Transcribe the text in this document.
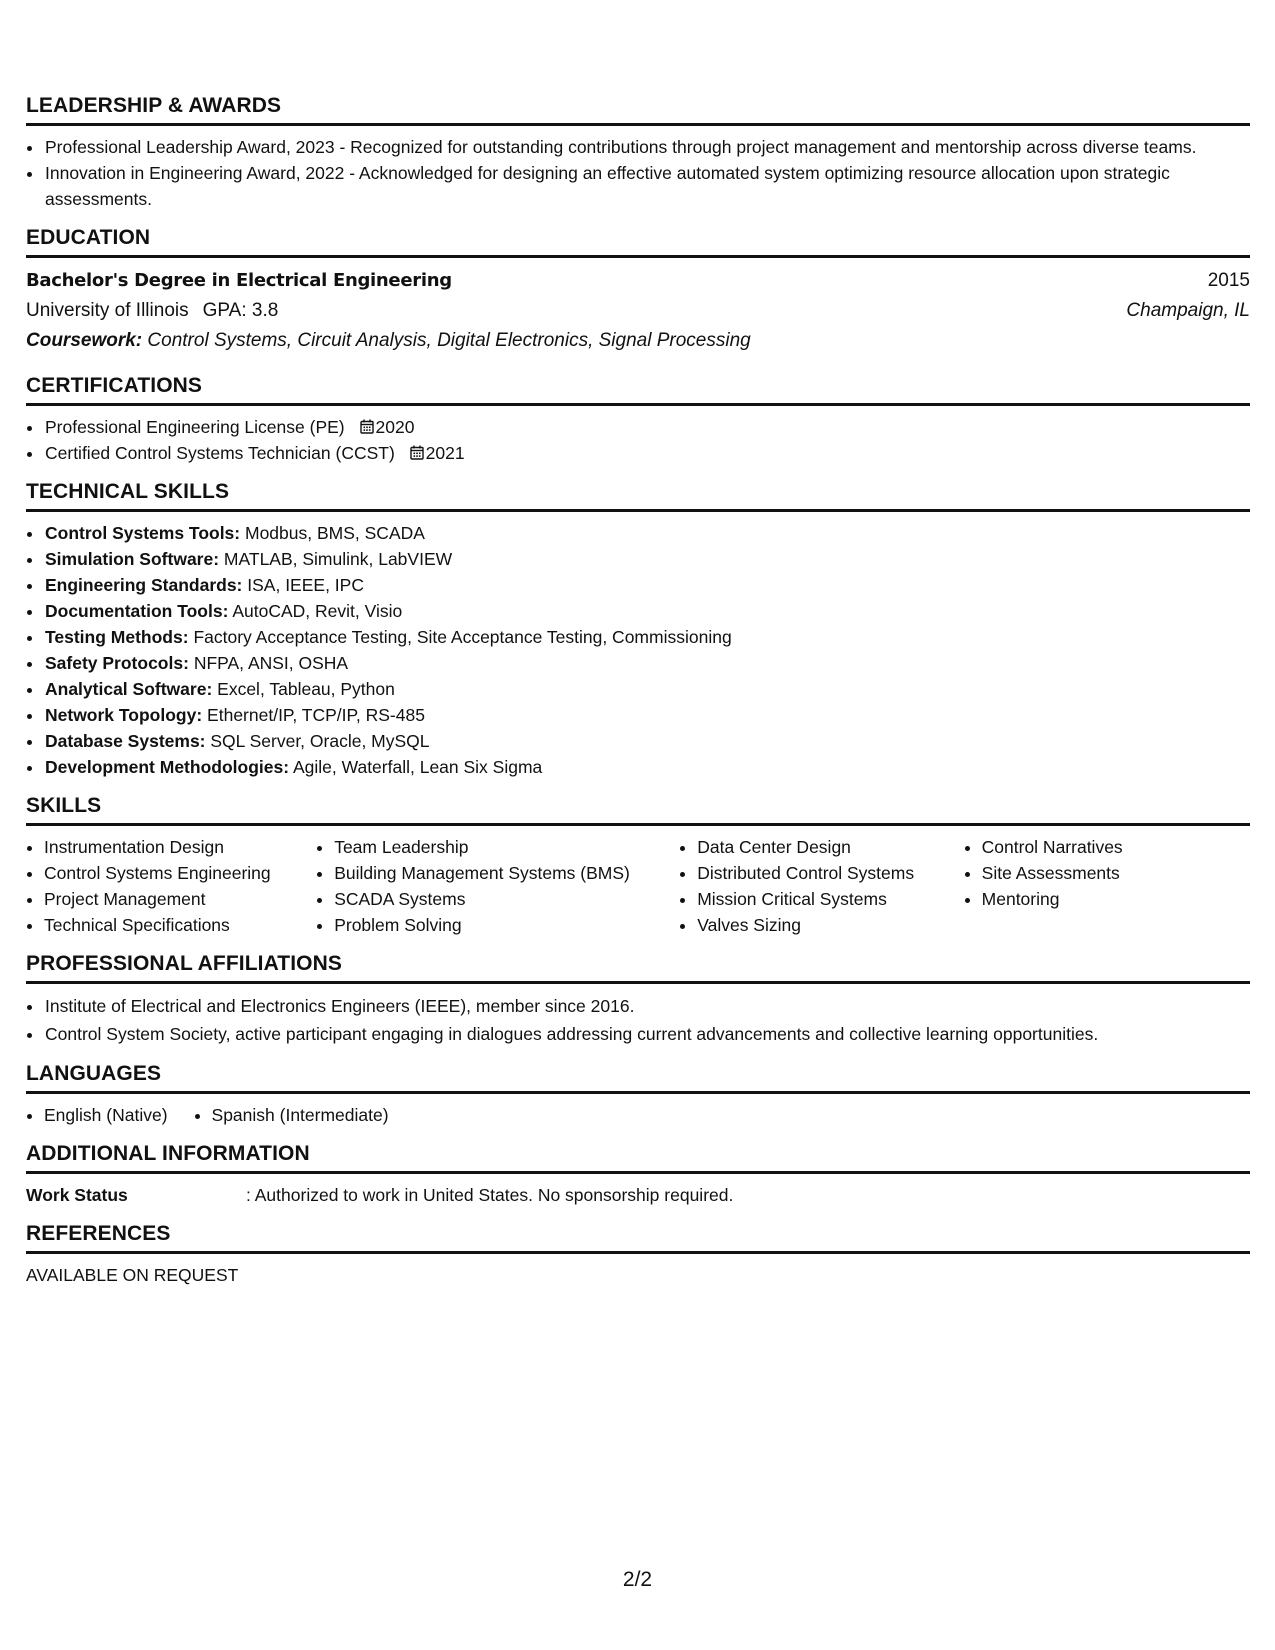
LEADERSHIP & AWARDS
• Professional Leadership Award, 2023 - Recognized for outstanding contributions through project management and mentorship across diverse teams.
• Innovation in Engineering Award, 2022 - Acknowledged for designing an effective automated system optimizing resource allocation upon strategic assessments.
EDUCATION
Bachelor's Degree in Electrical Engineering	2015
University of Illinois GPA: 3.8	Champaign, IL
Coursework: Control Systems, Circuit Analysis, Digital Electronics, Signal Processing
CERTIFICATIONS
• Professional Engineering License (PE) 2020
• Certified Control Systems Technician (CCST) 2021
TECHNICAL SKILLS
• Control Systems Tools: Modbus, BMS, SCADA
• Simulation Software: MATLAB, Simulink, LabVIEW
• Engineering Standards: ISA, IEEE, IPC
• Documentation Tools: AutoCAD, Revit, Visio
• Testing Methods: Factory Acceptance Testing, Site Acceptance Testing, Commissioning
• Safety Protocols: NFPA, ANSI, OSHA
• Analytical Software: Excel, Tableau, Python
• Network Topology: Ethernet/IP, TCP/IP, RS-485
• Database Systems: SQL Server, Oracle, MySQL
• Development Methodologies: Agile, Waterfall, Lean Six Sigma
SKILLS
• Instrumentation Design
• Control Systems Engineering
• Project Management
• Technical Specifications
• Team Leadership
• Building Management Systems (BMS)
• SCADA Systems
• Problem Solving
• Data Center Design
• Distributed Control Systems
• Mission Critical Systems
• Valves Sizing
• Control Narratives
• Site Assessments
• Mentoring
PROFESSIONAL AFFILIATIONS
• Institute of Electrical and Electronics Engineers (IEEE), member since 2016.
• Control System Society, active participant engaging in dialogues addressing current advancements and collective learning opportunities.
LANGUAGES
• English (Native)
•	Spanish (Intermediate)
ADDITIONAL INFORMATION
Work Status	: Authorized to work in United States. No sponsorship required.
REFERENCES
AVAILABLE ON REQUEST
2/2
